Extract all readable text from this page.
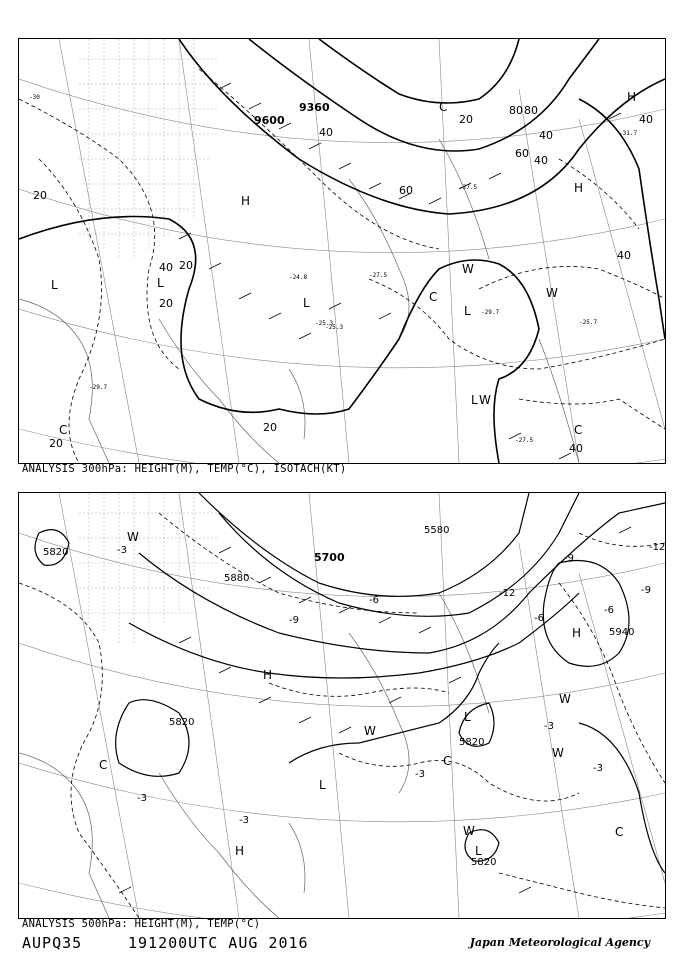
9360
9600
20
40
60
80
40
20
40
20
40
20
40
60
80
20	40
20
40
-30
-27.5
-24.8
-25.3
-27.5
-29.7
-25.7
-27.5
-31.7
-29.7
-25.3
L	L
H
H
L
L
L
H
C
C
C
C
W
W
W
ANALYSIS 300hPa: HEIGHT(M), TEMP(°C), ISOTACH(KT)
5700
5580
5880
5820
5940
5820
5820
5820	-3
-6
-9
-12
-6
-9
-3
-3
-3
-6
-9
-12
-3
-3
H
H
H
L
L
L
C	C
C
W
W
W
W
W
ANALYSIS 500hPa: HEIGHT(M), TEMP(°C)
AUPQ35	191200UTC AUG 2016	Japan Meteorological Agency
